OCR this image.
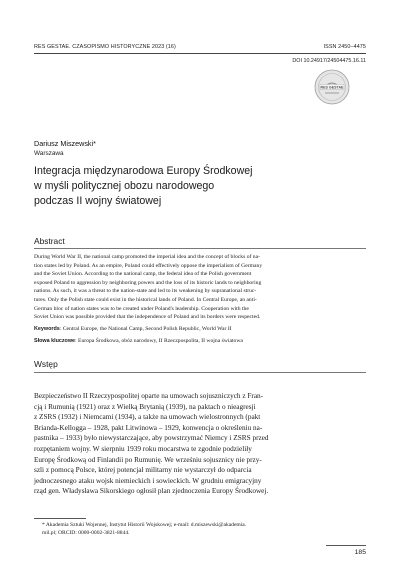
RES GESTAE. CZASOPISMO HISTORYCZNE 2023 (16)	ISSN 2450–4475
DOI 10.24917/24504475.16.11
RES GESTAE
Dariusz Miszewski*
Warszawa
Integracja międzynarodowa Europy Środkowej
w myśli politycznej obozu narodowego
podczas II wojny światowej
Abstract
During World War II, the national camp promoted the imperial idea and the concept of blocks of na-
tion states led by Poland. As an empire, Poland could effectively oppose the imperialism of Germany
and the Soviet Union. According to the national camp, the federal idea of the Polish government
exposed Poland to aggression by neighboring powers and the loss of its historic lands to neighboring
nations. As such, it was a threat to the nation-state and led to its weakening by supranational struc-
tures. Only the Polish state could exist in the historical lands of Poland. In Central Europe, an anti-
German bloc of nation states was to be created under Poland's leadership. Cooperation with the
Soviet Union was possible provided that the independence of Poland and its borders were respected.
Keywords: Central Europe, the National Camp, Second Polish Republic, World War II
Słowa kluczowe: Europa Środkowa, obóz narodowy, II Rzeczpospolita, II wojna światowa
Wstęp
Bezpieczeństwo II Rzeczypospolitej oparte na umowach sojuszniczych z Fran-
cją i Rumunią (1921) oraz z Wielką Brytanią (1939), na paktach o nieagresji
z ZSRS (1932) i Niemcami (1934), a także na umowach wielostronnych (pakt
Brianda-Kellogga – 1928, pakt Litwinowa – 1929, konwencja o określeniu na-
pastnika – 1933) było niewystarczające, aby powstrzymać Niemcy i ZSRS przed
rozpętaniem wojny. W sierpniu 1939 roku mocarstwa te zgodnie podzieliły
Europę Środkową od Finlandii po Rumunię. We wrześniu sojusznicy nie przy-
szli z pomocą Polsce, której potencjał militarny nie wystarczył do odparcia
jednoczesnego ataku wojsk niemieckich i sowieckich. W grudniu emigracyjny
rząd gen. Władysława Sikorskiego ogłosił plan zjednoczenia Europy Środkowej.
* Akademia Sztuki Wojennej, Instytut Historii Wojskowej; e-mail: d.miszewski@akademia.
mil.pl; ORCID: 0000-0002-3821-8844.
185
